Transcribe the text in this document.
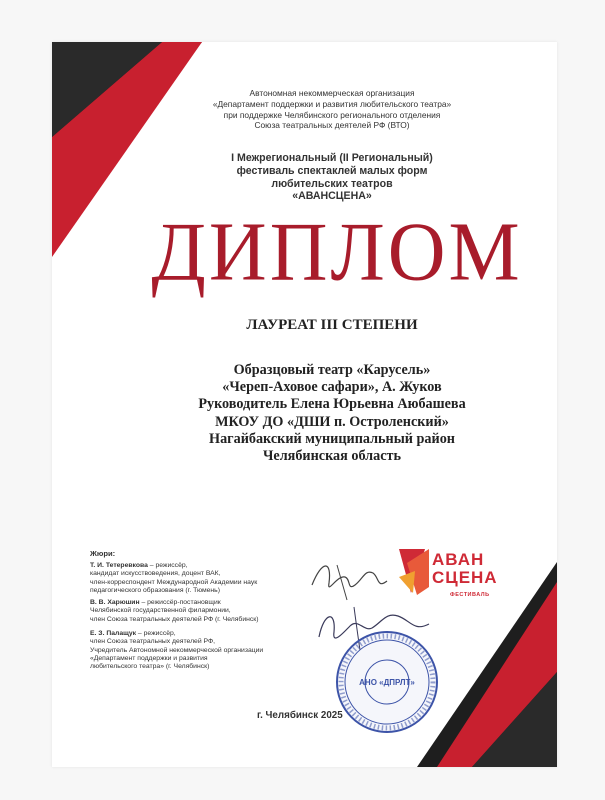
Автономная некоммерческая организация
«Департамент поддержки и развития любительского театра»
при поддержке Челябинского регионального отделения
Союза театральных деятелей РФ (ВТО)
I Межрегиональный (II Региональный)
фестиваль спектаклей малых форм
любительских театров
«АВАНСЦЕНА»
ДИПЛОМ
ЛАУРЕАТ III СТЕПЕНИ
Образцовый театр «Карусель»
«Череп-Аховое сафари», А. Жуков
Руководитель Елена Юрьевна Аюбашева
МКОУ ДО «ДШИ п. Остроленский»
Нагайбакский муниципальный район
Челябинская область
Жюри:
Т. И. Тетеревкова – режиссёр,
кандидат искусствоведения, доцент ВАК,
член-корреспондент Международной Академии наук
педагогического образования (г. Тюмень)
В. В. Харюшин – режиссёр-постановщик
Челябинской государственной филармонии,
член Союза театральных деятелей РФ (г. Челябинск)
Е. З. Палащук – режиссёр,
член Союза театральных деятелей РФ,
Учредитель Автономной некоммерческой организации
«Департамент поддержки и развития
любительского театра» (г. Челябинск)
АВАН
СЦЕНА
ФЕСТИВАЛЬ
АНО «ДПРЛТ»
г. Челябинск 2025
